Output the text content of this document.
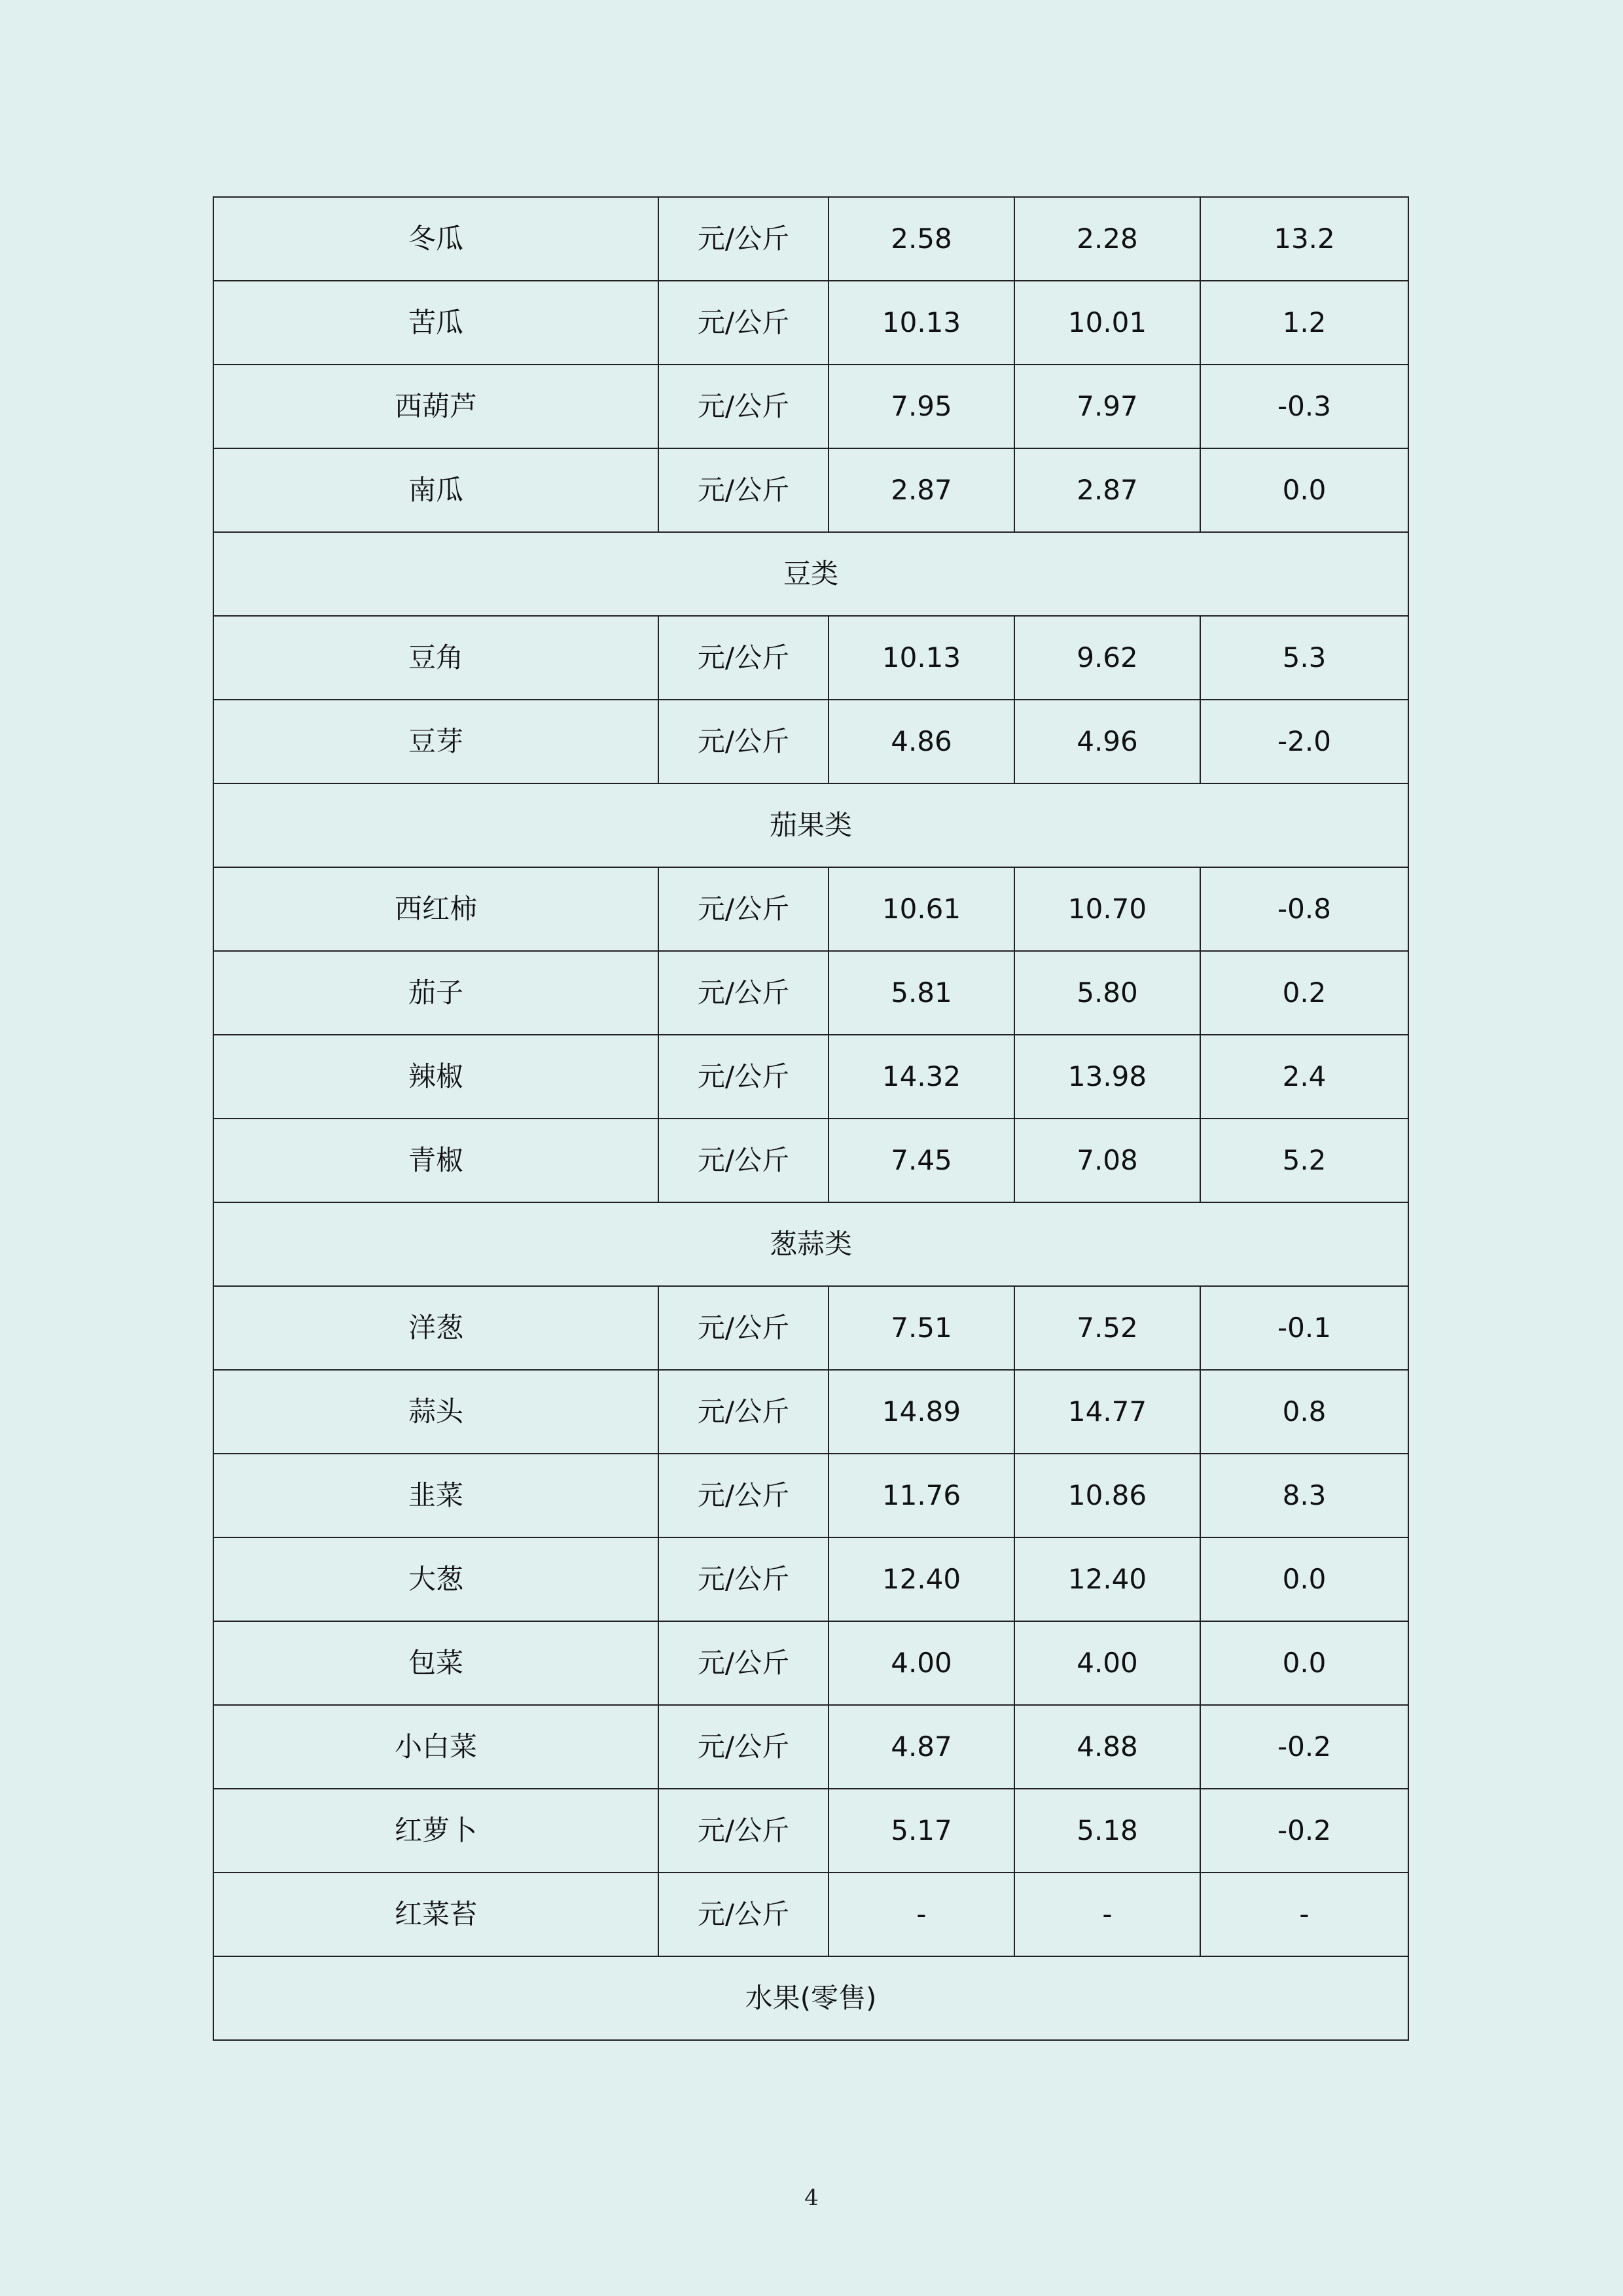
冬瓜	元/公斤	2.58	2.28	13.2
苦瓜	元/公斤	10.13	10.01	1.2
西葫芦	元/公斤	7.95	7.97	-0.3
南瓜	元/公斤	2.87	2.87	0.0
豆类				
豆角	元/公斤	10.13	9.62	5.3
豆芽	元/公斤	4.86	4.96	-2.0
茄果类				
西红柿	元/公斤	10.61	10.70	-0.8
茄子	元/公斤	5.81	5.80	0.2
辣椒	元/公斤	14.32	13.98	2.4
青椒	元/公斤	7.45	7.08	5.2
葱蒜类				
洋葱	元/公斤	7.51	7.52	-0.1
蒜头	元/公斤	14.89	14.77	0.8
韭菜	元/公斤	11.76	10.86	8.3
大葱	元/公斤	12.40	12.40	0.0
包菜	元/公斤	4.00	4.00	0.0
小白菜	元/公斤	4.87	4.88	-0.2
红萝卜	元/公斤	5.17	5.18	-0.2
红菜苔	元/公斤	-	-	-
水果(零售)				
4
